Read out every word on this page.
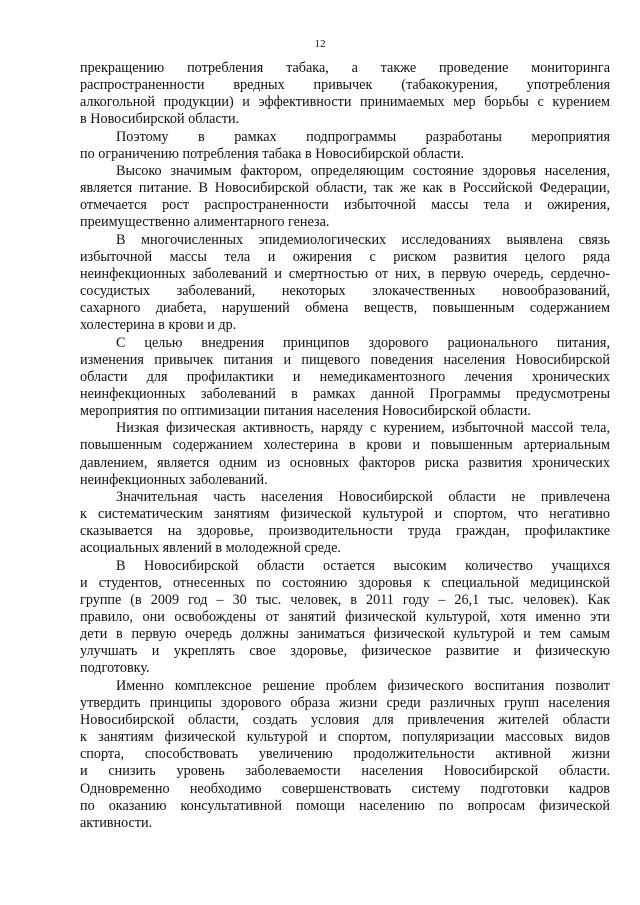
12
прекращению потребления табака, а также проведение мониторинга
распространенности вредных привычек (табакокурения, употребления
алкогольной продукции) и эффективности принимаемых мер борьбы с курением
в Новосибирской области.
Поэтому в рамках подпрограммы разработаны мероприятия
по ограничению потребления табака в Новосибирской области.
Высоко значимым фактором, определяющим состояние здоровья населения,
является питание. В Новосибирской области, так же как в Российской Федерации,
отмечается рост распространенности избыточной массы тела и ожирения,
преимущественно алиментарного генеза.
В многочисленных эпидемиологических исследованиях выявлена связь
избыточной массы тела и ожирения с риском развития целого ряда
неинфекционных заболеваний и смертностью от них, в первую очередь, сердечно-
сосудистых заболеваний, некоторых злокачественных новообразований,
сахарного диабета, нарушений обмена веществ, повышенным содержанием
холестерина в крови и др.
С целью внедрения принципов здорового рационального питания,
изменения привычек питания и пищевого поведения населения Новосибирской
области для профилактики и немедикаментозного лечения хронических
неинфекционных заболеваний в рамках данной Программы предусмотрены
мероприятия по оптимизации питания населения Новосибирской области.
Низкая физическая активность, наряду с курением, избыточной массой тела,
повышенным содержанием холестерина в крови и повышенным артериальным
давлением, является одним из основных факторов риска развития хронических
неинфекционных заболеваний.
Значительная часть населения Новосибирской области не привлечена
к систематическим занятиям физической культурой и спортом, что негативно
сказывается на здоровье, производительности труда граждан, профилактике
асоциальных явлений в молодежной среде.
В Новосибирской области остается высоким количество учащихся
и студентов, отнесенных по состоянию здоровья к специальной медицинской
группе (в 2009 год – 30 тыс. человек, в 2011 году – 26,1 тыс. человек). Как
правило, они освобождены от занятий физической культурой, хотя именно эти
дети в первую очередь должны заниматься физической культурой и тем самым
улучшать и укреплять свое здоровье, физическое развитие и физическую
подготовку.
Именно комплексное решение проблем физического воспитания позволит
утвердить принципы здорового образа жизни среди различных групп населения
Новосибирской области, создать условия для привлечения жителей области
к занятиям физической культурой и спортом, популяризации массовых видов
спорта, способствовать увеличению продолжительности активной жизни
и снизить уровень заболеваемости населения Новосибирской области.
Одновременно необходимо совершенствовать систему подготовки кадров
по оказанию консультативной помощи населению по вопросам физической
активности.
